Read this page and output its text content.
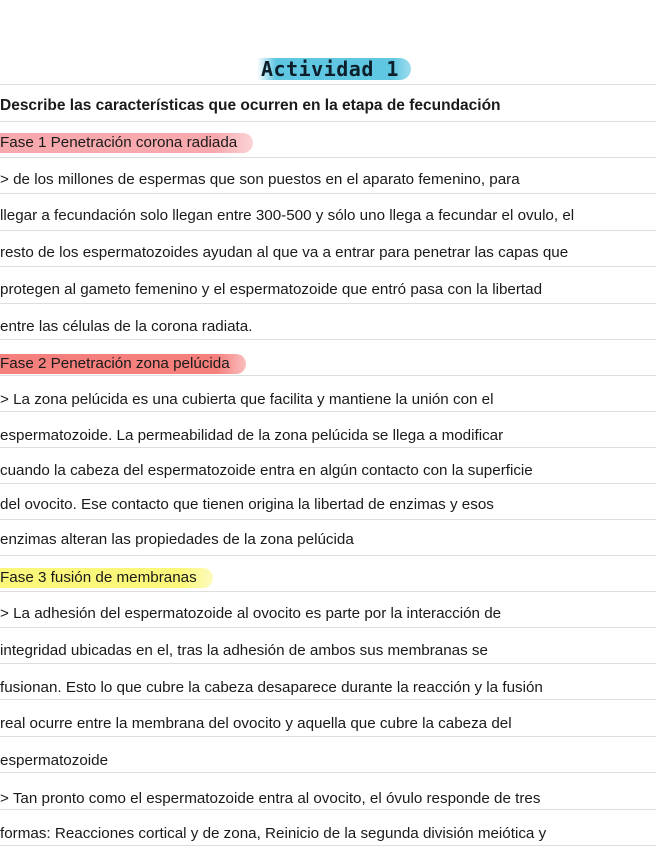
Actividad 1
Describe las características que ocurren en la etapa de fecundación
Fase 1 Penetración corona radiada
> de los millones de espermas que son puestos en el aparato femenino, para
llegar a fecundación solo llegan entre 300-500 y sólo uno llega a fecundar el ovulo, el
resto de los espermatozoides ayudan al que va a entrar para penetrar las capas que
protegen al gameto femenino y el espermatozoide que entró pasa con la libertad
entre las células de la corona radiata.
Fase 2 Penetración zona pelúcida
> La zona pelúcida es una cubierta que facilita y mantiene la unión con el
espermatozoide. La permeabilidad de la zona pelúcida se llega a modificar
cuando la cabeza del espermatozoide entra en algún contacto con la superficie
del ovocito. Ese contacto que tienen origina la libertad de enzimas y esos
enzimas alteran las propiedades de la zona pelúcida
Fase 3 fusión de membranas
> La adhesión del espermatozoide al ovocito es parte por la interacción de
integridad ubicadas en el, tras la adhesión de ambos sus membranas se
fusionan. Esto lo que cubre la cabeza desaparece durante la reacción y la fusión
real ocurre entre la membrana del ovocito y aquella que cubre la cabeza del
espermatozoide
> Tan pronto como el espermatozoide entra al ovocito, el óvulo responde de tres
formas: Reacciones cortical y de zona, Reinicio de la segunda división meiótica y
